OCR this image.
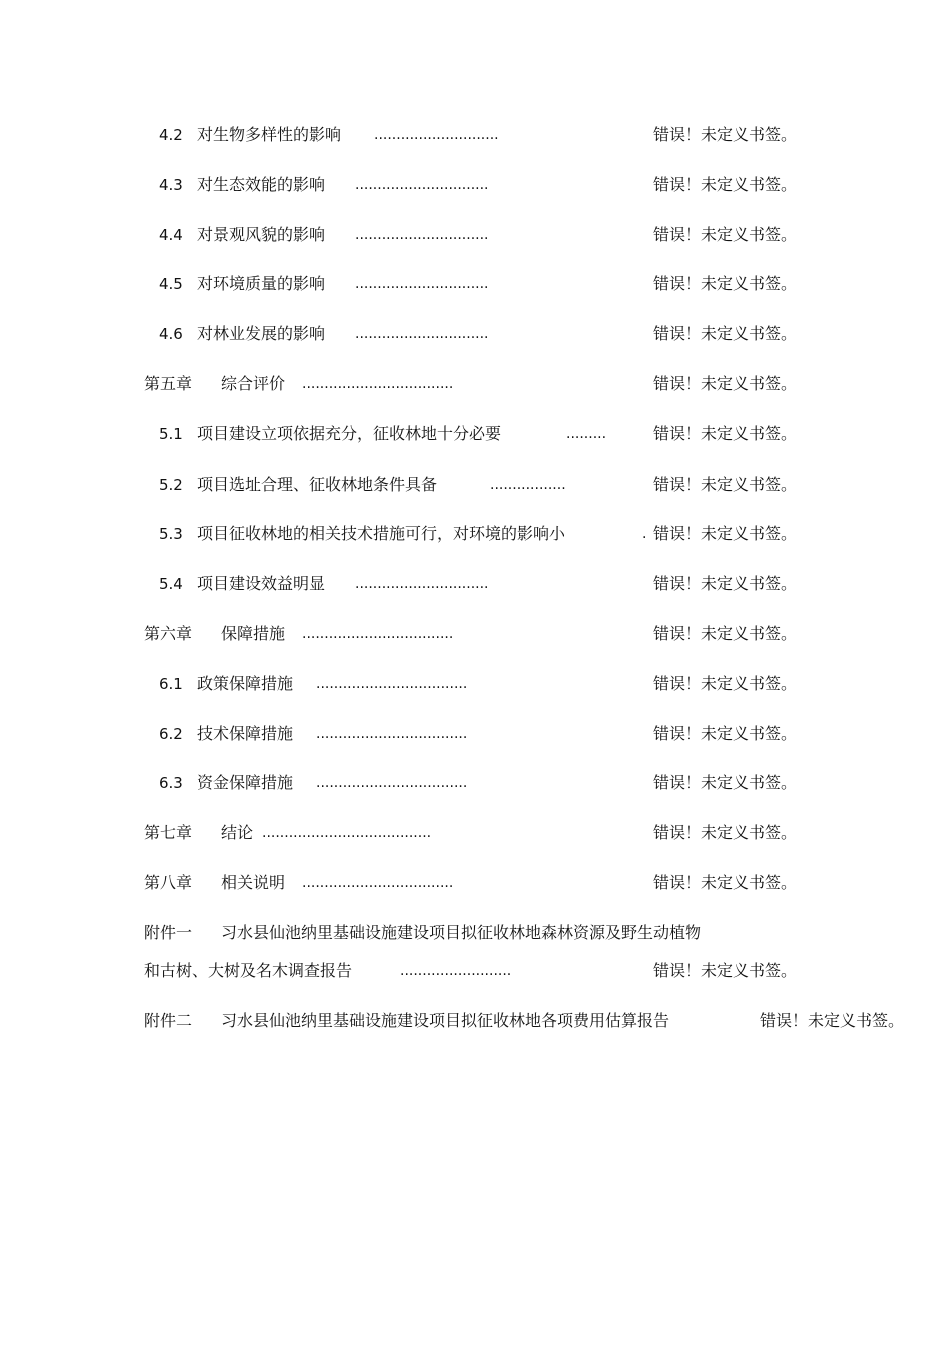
4.2 对生物多样性的影响 ............................	错误！未定义书签。
4.3 对生态效能的影响 ..............................	错误！未定义书签。
4.4 对景观风貌的影响 ..............................	错误！未定义书签。
4.5 对环境质量的影响 ..............................	错误！未定义书签。
4.6 对林业发展的影响 ..............................	错误！未定义书签。
第五章 综合评价 ..................................	错误！未定义书签。
5.1 项目建设立项依据充分，征收林地十分必要	.........	错误！未定义书签。
5.2 项目选址合理、征收林地条件具备	.................	错误！未定义书签。
5.3 项目征收林地的相关技术措施可行，对环境的影响小	. 错误！未定义书签。
5.4 项目建设效益明显 ..............................	错误！未定义书签。
第六章 保障措施 ..................................	错误！未定义书签。
6.1 政策保障措施 ..................................	错误！未定义书签。
6.2 技术保障措施 ..................................	错误！未定义书签。
6.3 资金保障措施 ..................................	错误！未定义书签。
第七章 结论 ......................................	错误！未定义书签。
第八章 相关说明 ..................................	错误！未定义书签。
附件一 习水县仙池纳里基础设施建设项目拟征收林地森林资源及野生动植物
和古树、大树及名木调查报告	.........................	错误！未定义书签。
附件二 习水县仙池纳里基础设施建设项目拟征收林地各项费用估算报告	错误！未定义书签。
